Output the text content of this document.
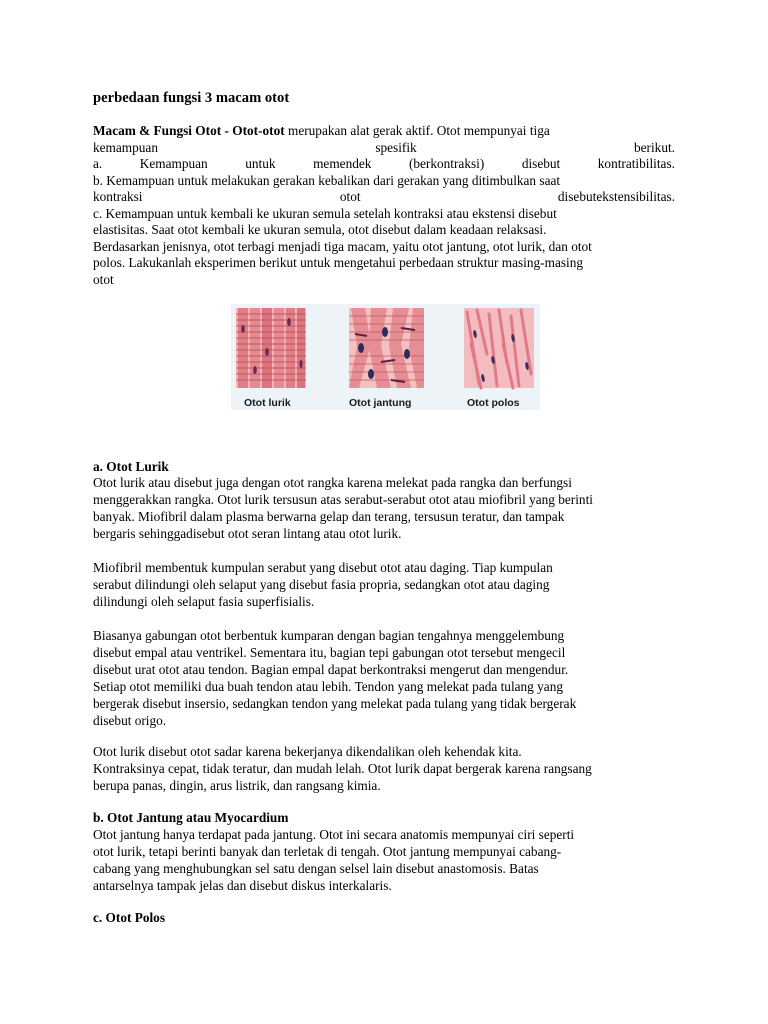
perbedaan fungsi 3 macam otot
Macam & Fungsi Otot - Otot-otot merupakan alat gerak aktif. Otot mempunyai tiga
kemampuan	spesifik	berikut.
a.	Kemampuan	untuk	memendek	(berkontraksi)	disebut	kontratibilitas.
b. Kemampuan untuk melakukan gerakan kebalikan dari gerakan yang ditimbulkan saat
kontraksi	otot	disebutekstensibilitas.
c. Kemampuan untuk kembali ke ukuran semula setelah kontraksi atau ekstensi disebut
elastisitas. Saat otot kembali ke ukuran semula, otot disebut dalam keadaan relaksasi.
Berdasarkan jenisnya, otot terbagi menjadi tiga macam, yaitu otot jantung, otot lurik, dan otot
polos. Lakukanlah eksperimen berikut untuk mengetahui perbedaan struktur masing-masing
otot
Otot lurik	Otot jantung	Otot polos
a. Otot Lurik
Otot lurik atau disebut juga dengan otot rangka karena melekat pada rangka dan berfungsi
menggerakkan rangka. Otot lurik tersusun atas serabut-serabut otot atau miofibril yang berinti
banyak. Miofibril dalam plasma berwarna gelap dan terang, tersusun teratur, dan tampak
bergaris sehinggadisebut otot seran lintang atau otot lurik.
Miofibril membentuk kumpulan serabut yang disebut otot atau daging. Tiap kumpulan
serabut dilindungi oleh selaput yang disebut fasia propria, sedangkan otot atau daging
dilindungi oleh selaput fasia superfisialis.
Biasanya gabungan otot berbentuk kumparan dengan bagian tengahnya menggelembung
disebut empal atau ventrikel. Sementara itu, bagian tepi gabungan otot tersebut mengecil
disebut urat otot atau tendon. Bagian empal dapat berkontraksi mengerut dan mengendur.
Setiap otot memiliki dua buah tendon atau lebih. Tendon yang melekat pada tulang yang
bergerak disebut insersio, sedangkan tendon yang melekat pada tulang yang tidak bergerak
disebut origo.
Otot lurik disebut otot sadar karena bekerjanya dikendalikan oleh kehendak kita.
Kontraksinya cepat, tidak teratur, dan mudah lelah. Otot lurik dapat bergerak karena rangsang
berupa panas, dingin, arus listrik, dan rangsang kimia.
b. Otot Jantung atau Myocardium
Otot jantung hanya terdapat pada jantung. Otot ini secara anatomis mempunyai ciri seperti
otot lurik, tetapi berinti banyak dan terletak di tengah. Otot jantung mempunyai cabang-
cabang yang menghubungkan sel satu dengan selsel lain disebut anastomosis. Batas
antarselnya tampak jelas dan disebut diskus interkalaris.
c. Otot Polos
